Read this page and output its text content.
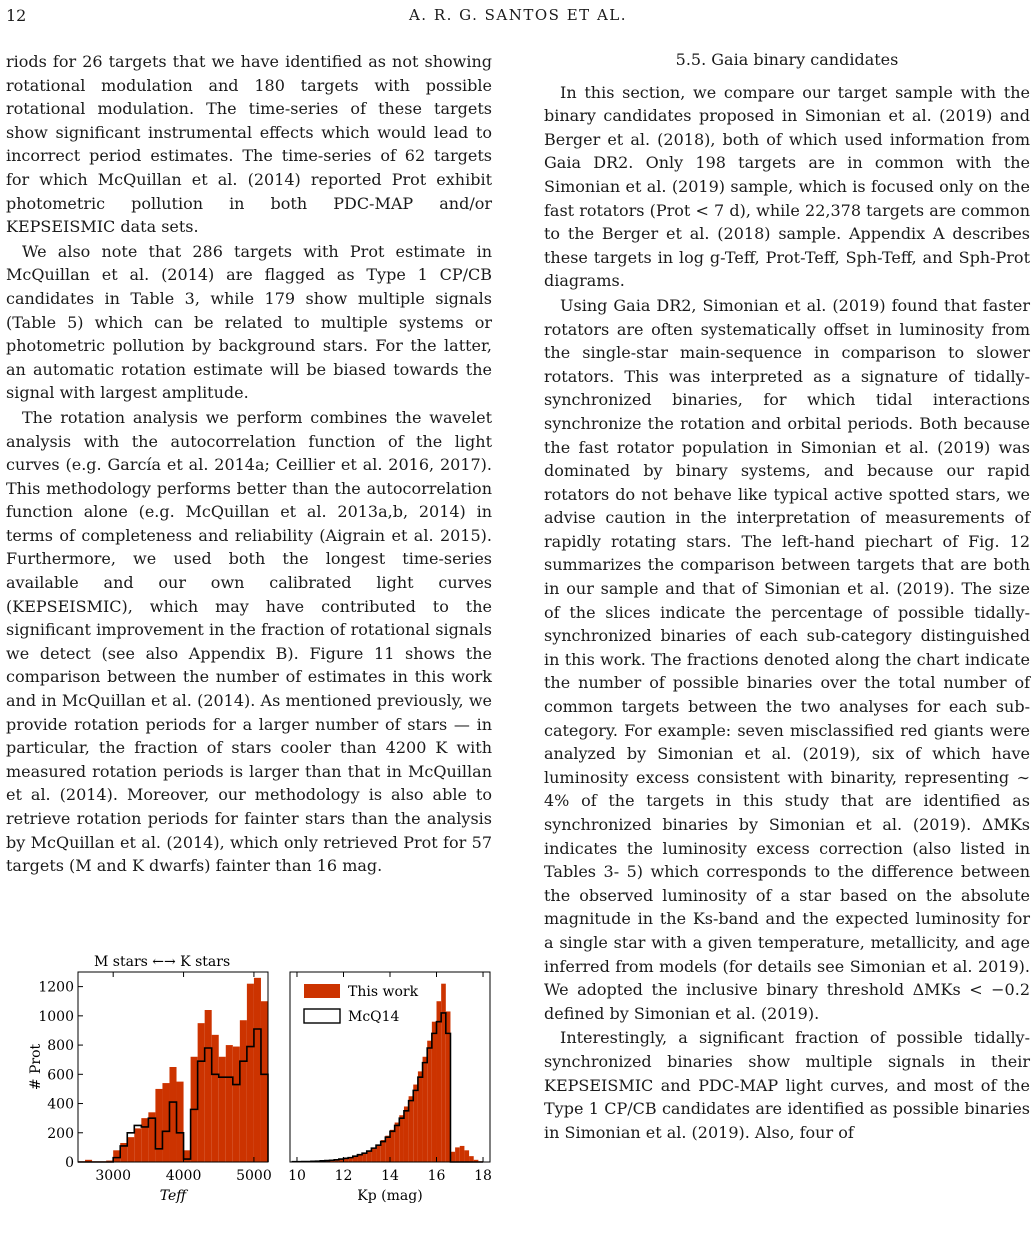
12	A. R. G. SANTOS ET AL.

riods for 26 targets that we have identified as not showing rotational modulation and 180 targets with possible rotational modulation. The time-series of these targets show significant instrumental effects which would lead to incorrect period estimates. The time-series of 62 targets for which McQuillan et al. (2014) reported Prot exhibit photometric pollution in both PDC-MAP and/or KEPSEISMIC data sets.

We also note that 286 targets with Prot estimate in McQuillan et al. (2014) are flagged as Type 1 CP/CB candidates in Table 3, while 179 show multiple signals (Table 5) which can be related to multiple systems or photometric pollution by background stars. For the latter, an automatic rotation estimate will be biased towards the signal with largest amplitude.

The rotation analysis we perform combines the wavelet analysis with the autocorrelation function of the light curves (e.g. García et al. 2014a; Ceillier et al. 2016, 2017). This methodology performs better than the autocorrelation function alone (e.g. McQuillan et al. 2013a,b, 2014) in terms of completeness and reliability (Aigrain et al. 2015). Furthermore, we used both the longest time-series available and our own calibrated light curves (KEPSEISMIC), which may have contributed to the significant improvement in the fraction of rotational signals we detect (see also Appendix B). Figure 11 shows the comparison between the number of estimates in this work and in McQuillan et al. (2014). As mentioned previously, we provide rotation periods for a larger number of stars — in particular, the fraction of stars cooler than 4200 K with measured rotation periods is larger than that in McQuillan et al. (2014). Moreover, our methodology is also able to retrieve rotation periods for fainter stars than the analysis by McQuillan et al. (2014), which only retrieved Prot for 57 targets (M and K dwarfs) fainter than 16 mag.

5.5. Gaia binary candidates

In this section, we compare our target sample with the binary candidates proposed in Simonian et al. (2019) and Berger et al. (2018), both of which used information from Gaia DR2. Only 198 targets are in common with the Simonian et al. (2019) sample, which is focused only on the fast rotators (Prot < 7 d), while 22,378 targets are common to the Berger et al. (2018) sample. Appendix A describes these targets in log g-Teff, Prot-Teff, Sph-Teff, and Sph-Prot diagrams.

Using Gaia DR2, Simonian et al. (2019) found that faster rotators are often systematically offset in luminosity from the single-star main-sequence in comparison to slower rotators. This was interpreted as a signature of tidally-synchronized binaries, for which tidal interactions synchronize the rotation and orbital periods. Both because the fast rotator population in Simonian et al. (2019) was dominated by binary systems, and because our rapid rotators do not behave like typical active spotted stars, we advise caution in the interpretation of measurements of rapidly rotating stars. The left-hand piechart of Fig. 12 summarizes the comparison between targets that are both in our sample and that of Simonian et al. (2019). The size of the slices indicate the percentage of possible tidally-synchronized binaries of each sub-category distinguished in this work. The fractions denoted along the chart indicate the number of possible binaries over the total number of common targets between the two analyses for each sub-category. For example: seven misclassified red giants were analyzed by Simonian et al. (2019), six of which have luminosity excess consistent with binarity, representing ∼ 4% of the targets in this study that are identified as synchronized binaries by Simonian et al. (2019). ΔMKs indicates the luminosity excess correction (also listed in Tables 3- 5) which corresponds to the difference between the observed luminosity of a star based on the absolute magnitude in the Ks-band and the expected luminosity for a single star with a given temperature, metallicity, and age inferred from models (for details see Simonian et al. 2019). We adopted the inclusive binary threshold ΔMKs < −0.2 defined by Simonian et al. (2019).

Interestingly, a significant fraction of possible tidally-synchronized binaries show multiple signals in their KEPSEISMIC and PDC-MAP light curves, and most of the Type 1 CP/CB candidates are identified as possible binaries in Simonian et al. (2019). Also, four of

3000 4000 5000
0
200
400
600
800
1000
1200
Teff
# Prot
M stars ←→ K stars
10 12 14 16 18
Kp (mag)
This work
McQ14
